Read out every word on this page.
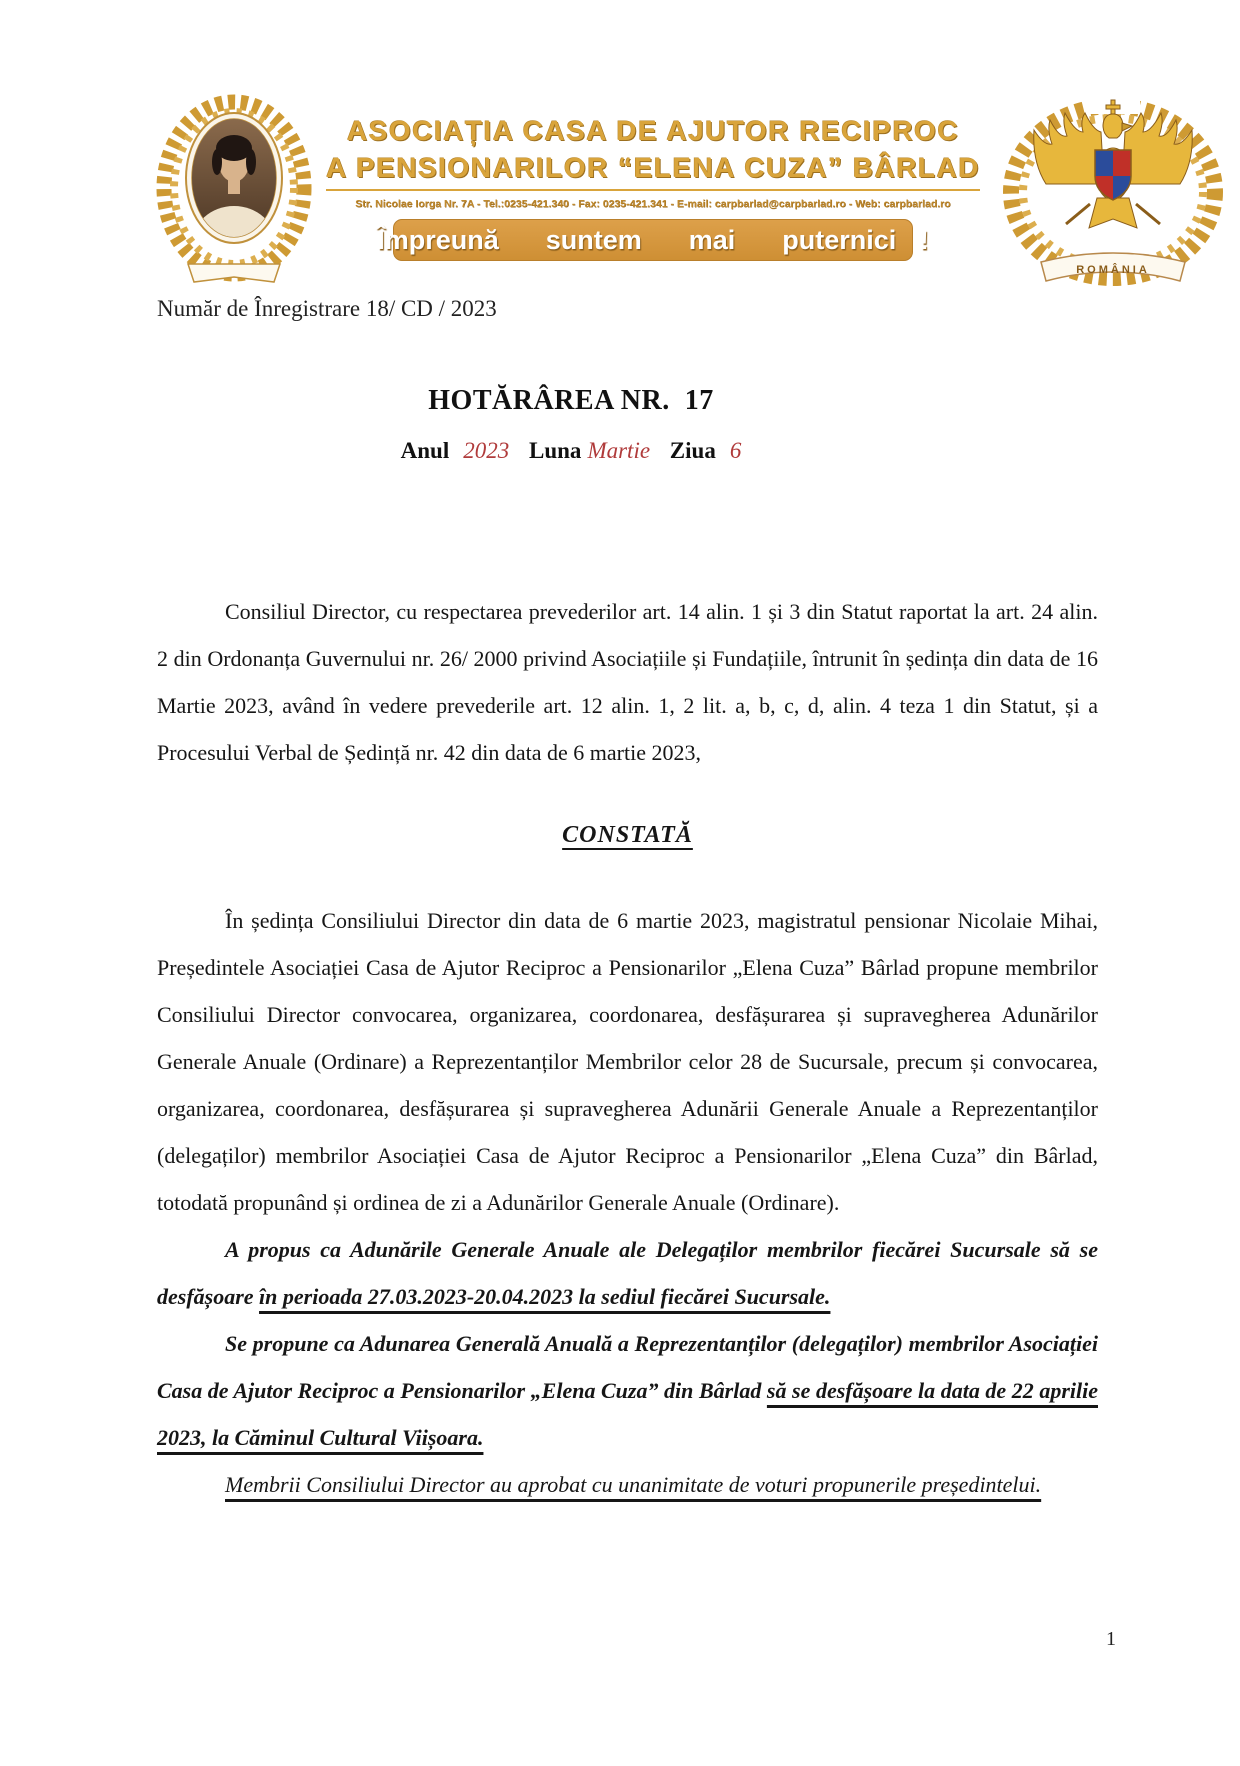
ASOCIAȚIA CASA DE AJUTOR RECIPROC
A PENSIONARILOR “ELENA CUZA” BÂRLAD
Str. Nicolae Iorga Nr. 7A - Tel.:0235-421.340 - Fax: 0235-421.341 - E-mail: carpbarlad@carpbarlad.ro - Web: carpbarlad.ro
Împreună  suntem  mai  puternici !
ROMÂNIA
Număr de Înregistrare 18/ CD / 2023
HOTĂRÂREA NR.  17
Anul 2023 Luna Martie Ziua 6

Consiliul Director, cu respectarea prevederilor art. 14 alin. 1 și 3 din Statut raportat la art. 24 alin. 2 din Ordonanța Guvernului nr. 26/ 2000 privind Asociațiile și Fundațiile, întrunit în ședința din data de 16 Martie 2023, având în vedere prevederile art. 12 alin. 1, 2 lit. a, b, c, d, alin. 4 teza 1 din Statut, și a Procesului Verbal de Ședință nr. 42 din data de 6 martie 2023,

CONSTATĂ

În ședința Consiliului Director din data de 6 martie 2023, magistratul pensionar Nicolaie Mihai, Președintele Asociației Casa de Ajutor Reciproc a Pensionarilor „Elena Cuza” Bârlad propune membrilor Consiliului Director convocarea, organizarea, coordonarea, desfășurarea și supravegherea Adunărilor Generale Anuale (Ordinare) a Reprezentanților Membrilor celor 28 de Sucursale, precum și convocarea, organizarea, coordonarea, desfășurarea și supravegherea Adunării Generale Anuale a Reprezentanților (delegaților) membrilor Asociației Casa de Ajutor Reciproc a Pensionarilor „Elena Cuza” din Bârlad, totodată propunând și ordinea de zi a Adunărilor Generale Anuale (Ordinare).

A propus ca Adunările Generale Anuale ale Delegaților membrilor fiecărei Sucursale să se desfășoare în perioada 27.03.2023-20.04.2023 la sediul fiecărei Sucursale.

Se propune ca Adunarea Generală Anuală a Reprezentanților (delegaților) membrilor Asociației Casa de Ajutor Reciproc a Pensionarilor „Elena Cuza” din Bârlad să se desfășoare la data de 22 aprilie 2023, la Căminul Cultural Viișoara.

Membrii Consiliului Director au aprobat cu unanimitate de voturi propunerile președintelui.

1
